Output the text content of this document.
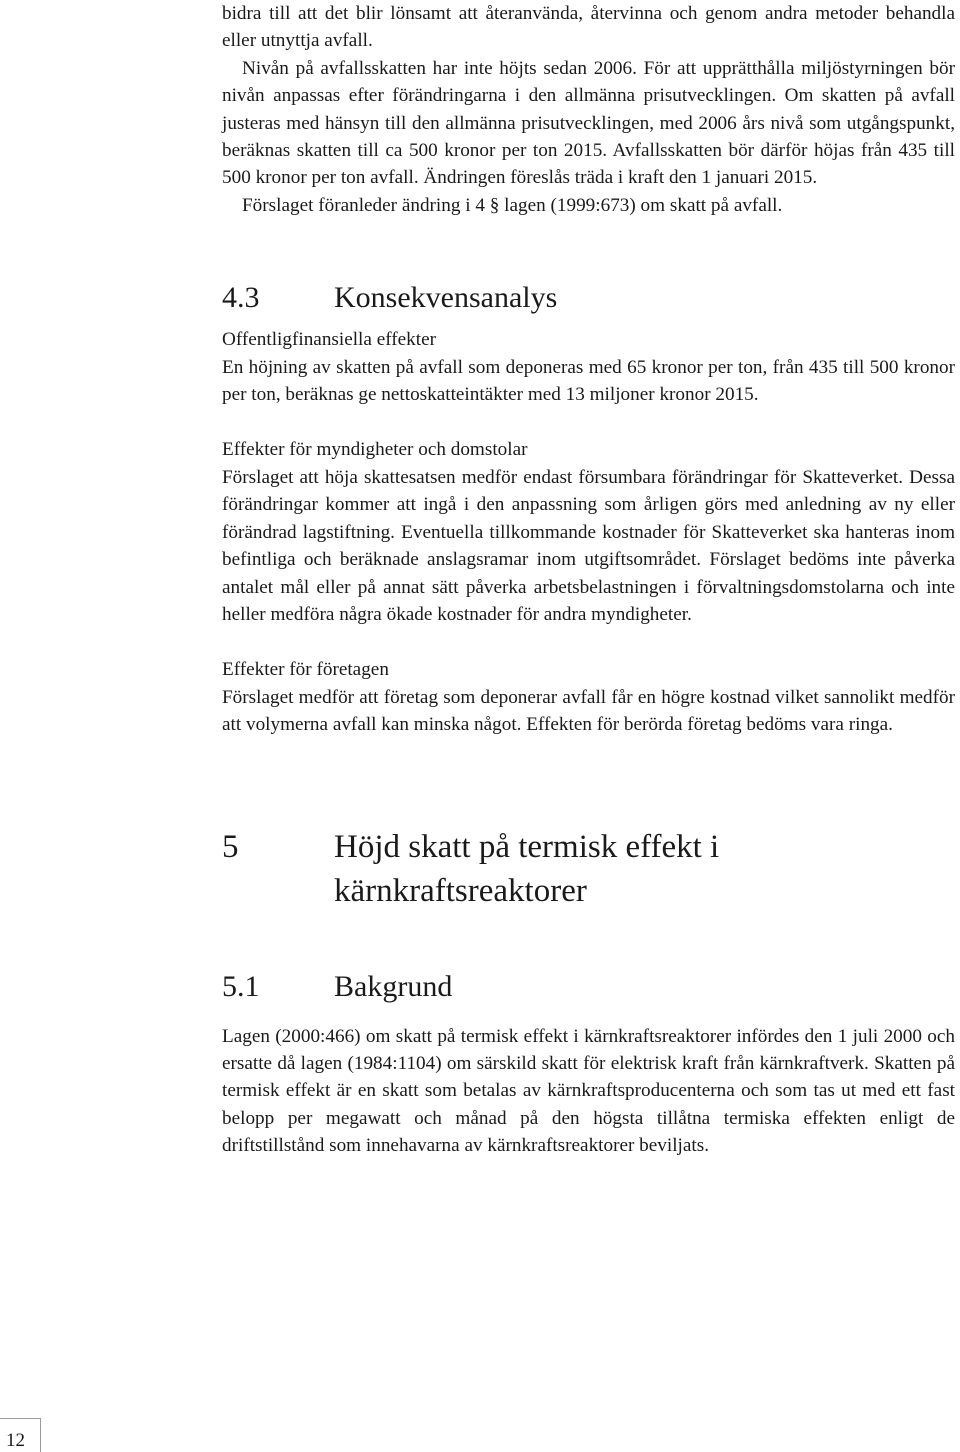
bidra till att det blir lönsamt att återanvända, återvinna och genom andra metoder behandla eller utnyttja avfall.

Nivån på avfallsskatten har inte höjts sedan 2006. För att upprätthålla miljöstyrningen bör nivån anpassas efter förändringarna i den allmänna prisutvecklingen. Om skatten på avfall justeras med hänsyn till den allmänna prisutvecklingen, med 2006 års nivå som utgångspunkt, beräknas skatten till ca 500 kronor per ton 2015. Avfallsskatten bör därför höjas från 435 till 500 kronor per ton avfall. Ändringen föreslås träda i kraft den 1 januari 2015.

Förslaget föranleder ändring i 4 § lagen (1999:673) om skatt på avfall.

4.3 Konsekvensanalys

Offentligfinansiella effekter

En höjning av skatten på avfall som deponeras med 65 kronor per ton, från 435 till 500 kronor per ton, beräknas ge nettoskatteintäkter med 13 miljoner kronor 2015.

Effekter för myndigheter och domstolar

Förslaget att höja skattesatsen medför endast försumbara förändringar för Skatteverket. Dessa förändringar kommer att ingå i den anpassning som årligen görs med anledning av ny eller förändrad lagstiftning. Eventuella tillkommande kostnader för Skatteverket ska hanteras inom befintliga och beräknade anslagsramar inom utgiftsområdet. Förslaget bedöms inte påverka antalet mål eller på annat sätt påverka arbetsbelastningen i förvaltningsdomstolarna och inte heller medföra några ökade kostnader för andra myndigheter.

Effekter för företagen

Förslaget medför att företag som deponerar avfall får en högre kostnad vilket sannolikt medför att volymerna avfall kan minska något. Effekten för berörda företag bedöms vara ringa.

5	Höjd skatt på termisk effekt i
kärnkraftsreaktorer
5.1 Bakgrund

Lagen (2000:466) om skatt på termisk effekt i kärnkraftsreaktorer infördes den 1 juli 2000 och ersatte då lagen (1984:1104) om särskild skatt för elektrisk kraft från kärnkraftverk. Skatten på termisk effekt är en skatt som betalas av kärnkraftsproducenterna och som tas ut med ett fast belopp per megawatt och månad på den högsta tillåtna termiska effekten enligt de driftstillstånd som innehavarna av kärnkraftsreaktorer beviljats.

12
